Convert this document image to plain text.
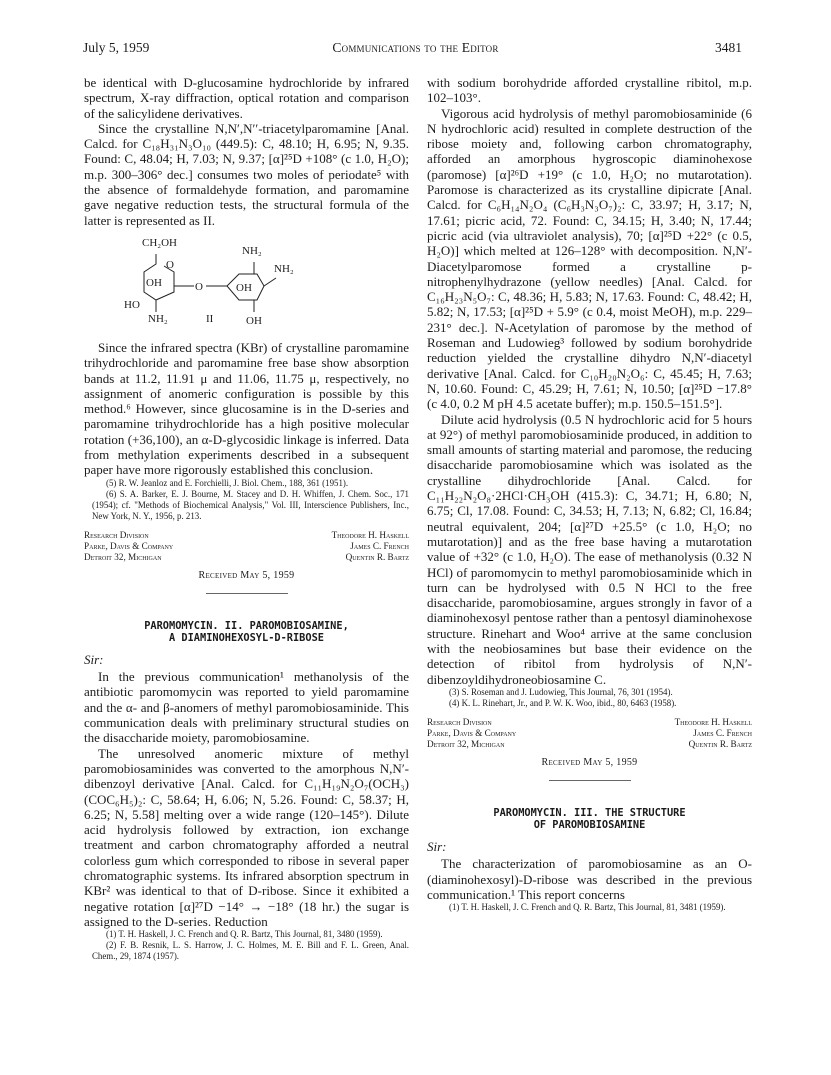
July 5, 1959	Communications to the Editor	3481

be identical with D-glucosamine hydrochloride by infrared spectrum, X-ray diffraction, optical rotation and comparison of the salicylidene derivatives.

Since the crystalline N,N′,N′′-triacetylparomamine [Anal. Calcd. for C₁₈H₃₁N₃O₁₀ (449.5): C, 48.10; H, 6.95; N, 9.35. Found: C, 48.04; H, 7.03; N, 9.37; [α]²⁵D +108° (c 1.0, H₂O); m.p. 300–306° dec.] consumes two moles of periodate⁵ with the absence of formaldehyde formation, and paromamine gave negative reduction tests, the structural formula of the latter is represented as II.

CH₂OH
O
OH	O
NH₂
NH₂
OH
HO
NH₂	II	OH

Since the infrared spectra (KBr) of crystalline paromamine trihydrochloride and paromamine free base show absorption bands at 11.2, 11.91 μ and 11.06, 11.75 μ, respectively, no assignment of anomeric configuration is possible by this method.⁶ However, since glucosamine is in the D-series and paromamine trihydrochloride has a high positive molecular rotation (+36,100), an α-D-glycosidic linkage is inferred. Data from methylation experiments described in a subsequent paper have more rigorously established this conclusion.

(5) R. W. Jeanloz and E. Forchielli, J. Biol. Chem., 188, 361 (1951).

(6) S. A. Barker, E. J. Bourne, M. Stacey and D. H. Whiffen, J. Chem. Soc., 171 (1954); cf. "Methods of Biochemical Analysis," Vol. III, Interscience Publishers, Inc., New York, N. Y., 1956, p. 213.

Research Division
Parke, Davis & Company
Detroit 32, Michigan
Theodore H. Haskell
James C. French
Quentin R. Bartz
Received May 5, 1959
PAROMOMYCIN. II. PAROMOBIOSAMINE,
A DIAMINOHEXOSYL-D-RIBOSE
Sir:

In the previous communication¹ methanolysis of the antibiotic paromomycin was reported to yield paromamine and the α- and β-anomers of methyl paromobiosaminide. This communication deals with preliminary structural studies on the disaccharide moiety, paromobiosamine.

The unresolved anomeric mixture of methyl paromobiosaminides was converted to the amorphous N,N′-dibenzoyl derivative [Anal. Calcd. for C₁₁H₁₉N₂O₇(OCH₃)(COC₆H₅)₂: C, 58.64; H, 6.06; N, 5.26. Found: C, 58.37; H, 6.25; N, 5.58] melting over a wide range (120–145°). Dilute acid hydrolysis followed by extraction, ion exchange treatment and carbon chromatography afforded a neutral colorless gum which corresponded to ribose in several paper chromatographic systems. Its infrared absorption spectrum in KBr² was identical to that of D-ribose. Since it exhibited a negative rotation [α]²⁷D −14° → −18° (18 hr.) the sugar is assigned to the D-series. Reduction

(1) T. H. Haskell, J. C. French and Q. R. Bartz, This Journal, 81, 3480 (1959).

(2) F. B. Resnik, L. S. Harrow, J. C. Holmes, M. E. Bill and F. L. Green, Anal. Chem., 29, 1874 (1957).

with sodium borohydride afforded crystalline ribitol, m.p. 102–103°.

Vigorous acid hydrolysis of methyl paromobiosaminide (6 N hydrochloric acid) resulted in complete destruction of the ribose moiety and, following carbon chromatography, afforded an amorphous hygroscopic diaminohexose (paromose) [α]²⁶D +19° (c 1.0, H₂O; no mutarotation). Paromose is characterized as its crystalline dipicrate [Anal. Calcd. for C₆H₁₄N₂O₄ (C₆H₃N₃O₇)₂: C, 33.97; H, 3.17; N, 17.61; picric acid, 72. Found: C, 34.15; H, 3.40; N, 17.44; picric acid (via ultraviolet analysis), 70; [α]²⁵D +22° (c 0.5, H₂O)] which melted at 126–128° with decomposition. N,N′-Diacetylparomose formed a crystalline p-nitrophenylhydrazone (yellow needles) [Anal. Calcd. for C₁₆H₂₃N₅O₇: C, 48.36; H, 5.83; N, 17.63. Found: C, 48.42; H, 5.82; N, 17.53; [α]²⁵D + 5.9° (c 0.4, moist MeOH), m.p. 229–231° dec.]. N-Acetylation of paromose by the method of Roseman and Ludowieg³ followed by sodium borohydride reduction yielded the crystalline dihydro N,N′-diacetyl derivative [Anal. Calcd. for C₁₀H₂₀N₂O₆: C, 45.45; H, 7.63; N, 10.60. Found: C, 45.29; H, 7.61; N, 10.50; [α]²⁵D −17.8° (c 4.0, 0.2 M pH 4.5 acetate buffer); m.p. 150.5–151.5°].

Dilute acid hydrolysis (0.5 N hydrochloric acid for 5 hours at 92°) of methyl paromobiosaminide produced, in addition to small amounts of starting material and paromose, the reducing disaccharide paromobiosamine which was isolated as the crystalline dihydrochloride [Anal. Calcd. for C₁₁H₂₂N₂O₈·2HCl·CH₃OH (415.3): C, 34.71; H, 6.80; N, 6.75; Cl, 17.08. Found: C, 34.53; H, 7.13; N, 6.82; Cl, 16.84; neutral equivalent, 204; [α]²⁷D +25.5° (c 1.0, H₂O; no mutarotation)] and as the free base having a mutarotation value of +32° (c 1.0, H₂O). The ease of methanolysis (0.32 N HCl) of paromomycin to methyl paromobiosaminide which in turn can be hydrolysed with 0.5 N HCl to the free disaccharide, paromobiosamine, argues strongly in favor of a diaminohexosyl pentose rather than a pentosyl diaminohexose structure. Rinehart and Woo⁴ arrive at the same conclusion with the neobiosamines but base their evidence on the detection of ribitol from hydrolysis of N,N′-dibenzoyldihydroneobiosamine C.

(3) S. Roseman and J. Ludowieg, This Journal, 76, 301 (1954).

(4) K. L. Rinehart, Jr., and P. W. K. Woo, ibid., 80, 6463 (1958).

Research Division
Parke, Davis & Company
Detroit 32, Michigan
Theodore H. Haskell
James C. French
Quentin R. Bartz
Received May 5, 1959
PAROMOMYCIN. III. THE STRUCTURE
OF PAROMOBIOSAMINE
Sir:

The characterization of paromobiosamine as an O-(diaminohexosyl)-D-ribose was described in the previous communication.¹ This report concerns

(1) T. H. Haskell, J. C. French and Q. R. Bartz, This Journal, 81, 3481 (1959).
